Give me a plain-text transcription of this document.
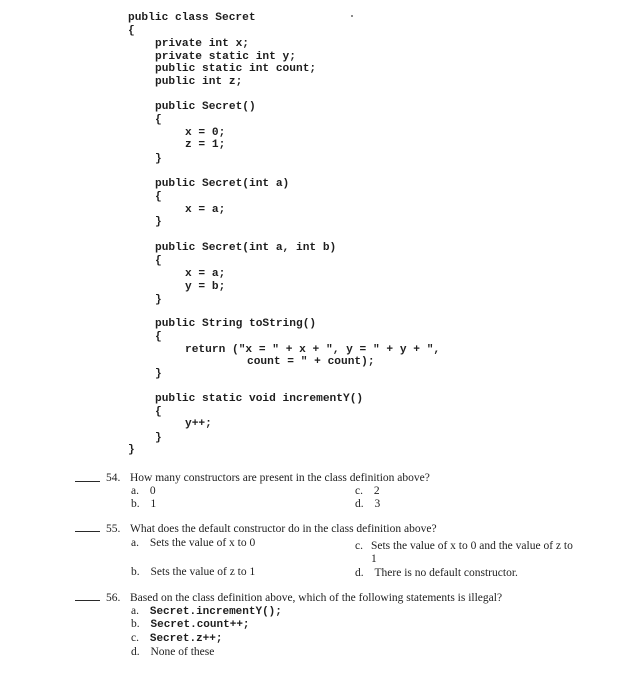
public class Secret
{
private int x;
private static int y;
public static int count;
public int z;
public Secret()
{
x = 0;
z = 1;
}
public Secret(int a)
{
x = a;
}
public Secret(int a, int b)
{
x = a;
y = b;
}
public String toString()
{
return ("x = " + x + ", y = " + y + ",
count = " + count);
}
public static void incrementY()
{
y++;
}
}
54. How many constructors are present in the class definition above?
a. 0
b. 1
c. 2
d. 3
55. What does the default constructor do in the class definition above?
a. Sets the value of x to 0
b. Sets the value of z to 1
c. Sets the value of x to 0 and the value of z to 1
d. There is no default constructor.
56. Based on the class definition above, which of the following statements is illegal?
a. Secret.incrementY();
b. Secret.count++;
c. Secret.z++;
d. None of these
